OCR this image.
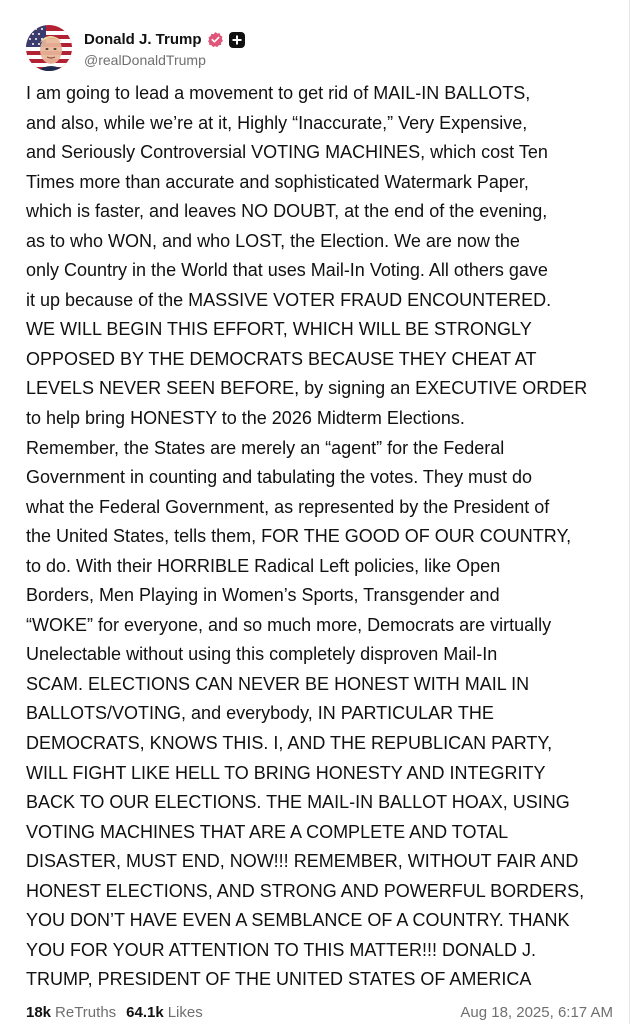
Donald J. Trump
@realDonaldTrump

I am going to lead a movement to get rid of MAIL-IN BALLOTS,
and also, while we’re at it, Highly “Inaccurate,” Very Expensive,
and Seriously Controversial VOTING MACHINES, which cost Ten
Times more than accurate and sophisticated Watermark Paper,
which is faster, and leaves NO DOUBT, at the end of the evening,
as to who WON, and who LOST, the Election. We are now the
only Country in the World that uses Mail-In Voting. All others gave
it up because of the MASSIVE VOTER FRAUD ENCOUNTERED.
WE WILL BEGIN THIS EFFORT, WHICH WILL BE STRONGLY
OPPOSED BY THE DEMOCRATS BECAUSE THEY CHEAT AT
LEVELS NEVER SEEN BEFORE, by signing an EXECUTIVE ORDER
to help bring HONESTY to the 2026 Midterm Elections.
Remember, the States are merely an “agent” for the Federal
Government in counting and tabulating the votes. They must do
what the Federal Government, as represented by the President of
the United States, tells them, FOR THE GOOD OF OUR COUNTRY,
to do. With their HORRIBLE Radical Left policies, like Open
Borders, Men Playing in Women’s Sports, Transgender and
“WOKE” for everyone, and so much more, Democrats are virtually
Unelectable without using this completely disproven Mail-In
SCAM. ELECTIONS CAN NEVER BE HONEST WITH MAIL IN
BALLOTS/VOTING, and everybody, IN PARTICULAR THE
DEMOCRATS, KNOWS THIS. I, AND THE REPUBLICAN PARTY,
WILL FIGHT LIKE HELL TO BRING HONESTY AND INTEGRITY
BACK TO OUR ELECTIONS. THE MAIL-IN BALLOT HOAX, USING
VOTING MACHINES THAT ARE A COMPLETE AND TOTAL
DISASTER, MUST END, NOW!!! REMEMBER, WITHOUT FAIR AND
HONEST ELECTIONS, AND STRONG AND POWERFUL BORDERS,
YOU DON’T HAVE EVEN A SEMBLANCE OF A COUNTRY. THANK
YOU FOR YOUR ATTENTION TO THIS MATTER!!! DONALD J.
TRUMP, PRESIDENT OF THE UNITED STATES OF AMERICA

18k ReTruths 64.1k Likes	Aug 18, 2025, 6:17 AM
